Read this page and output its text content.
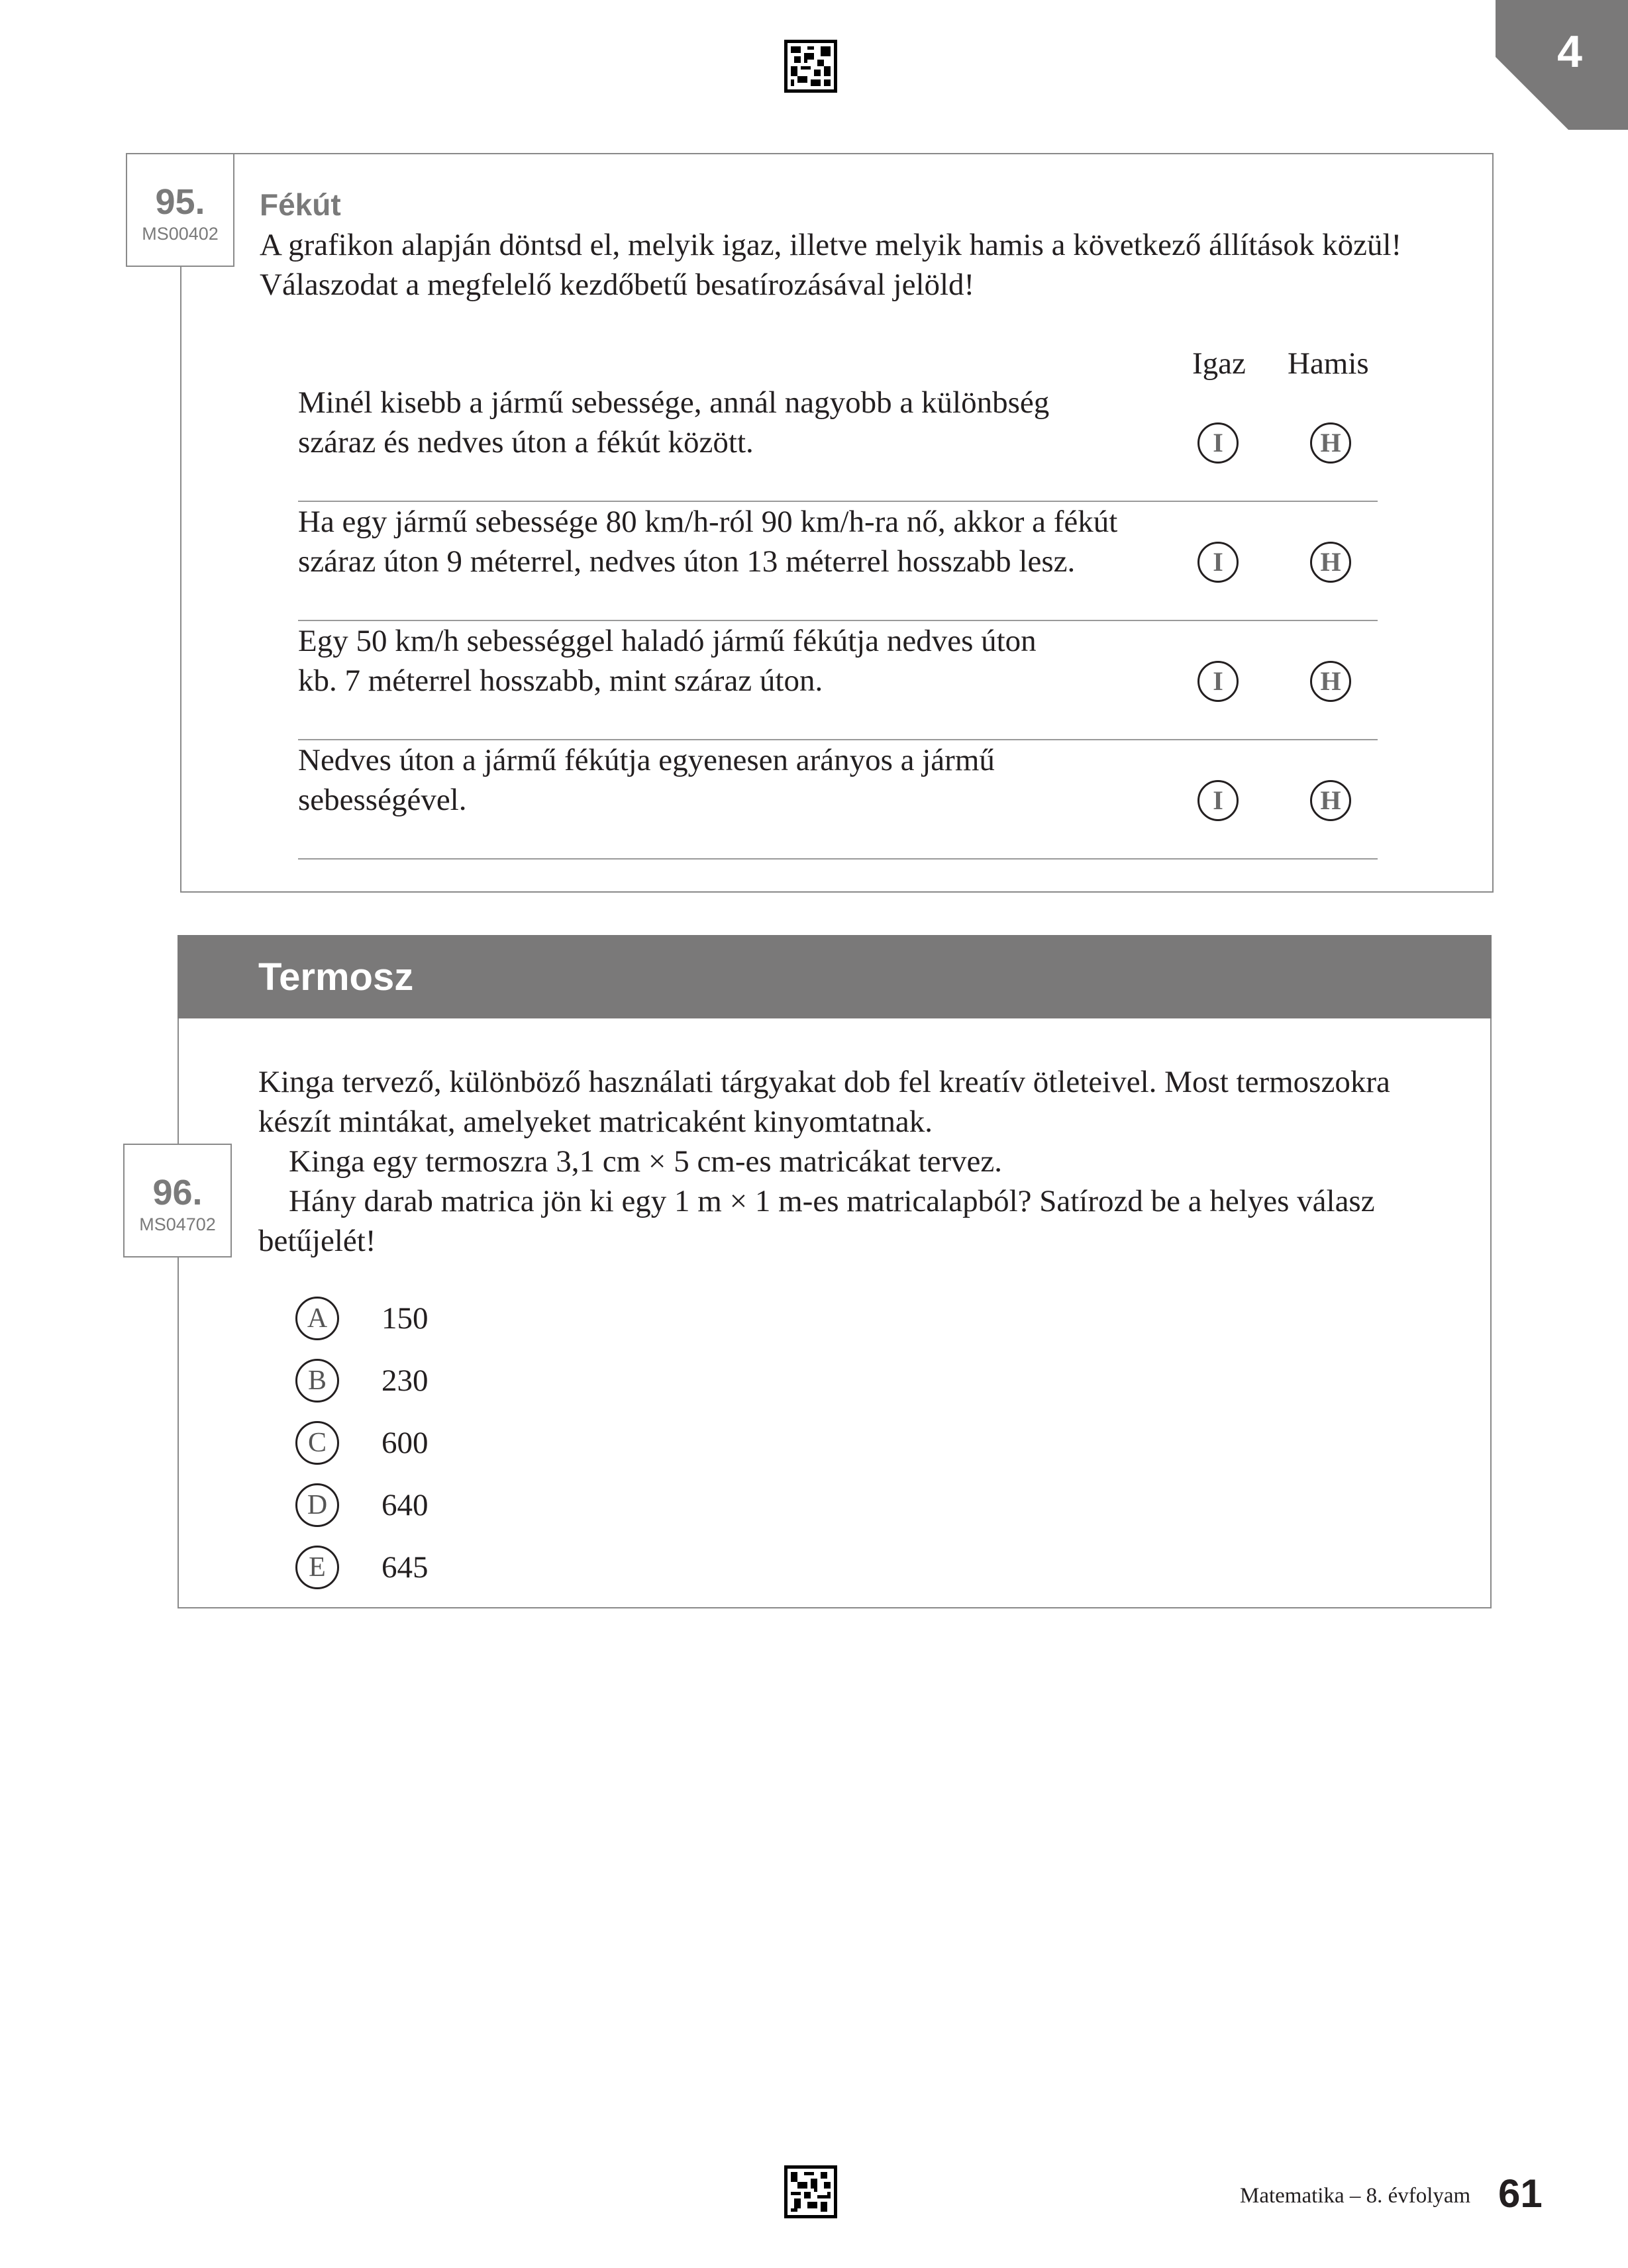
4
95.
MS00402
Fékút
A grafikon alapján döntsd el, melyik igaz, illetve melyik hamis a következő állítások közül!
Válaszodat a megfelelő kezdőbetű besatírozásával jelöld!
Igaz Hamis
Minél kisebb a jármű sebessége, annál nagyobb a különbség
száraz és nedves úton a fékút között.	I	H
Ha egy jármű sebessége 80 km/h-ról 90 km/h-ra nő, akkor a fékút
száraz úton 9 méterrel, nedves úton 13 méterrel hosszabb lesz.	I	H
Egy 50 km/h sebességgel haladó jármű fékútja nedves úton
kb. 7 méterrel hosszabb, mint száraz úton.	I	H
Nedves úton a jármű fékútja egyenesen arányos a jármű
sebességével.	I	H
Termosz
96.
MS04702
Kinga tervező, különböző használati tárgyakat dob fel kreatív ötleteivel. Most termoszokra
készít mintákat, amelyeket matricaként kinyomtatnak.
Kinga egy termoszra 3,1 cm × 5 cm-es matricákat tervez.
Hány darab matrica jön ki egy 1 m × 1 m-es matricalapból? Satírozd be a helyes válasz
betűjelét!
A	150
B	230
C	600
D	640
E	645
Matematika – 8. évfolyam 61
